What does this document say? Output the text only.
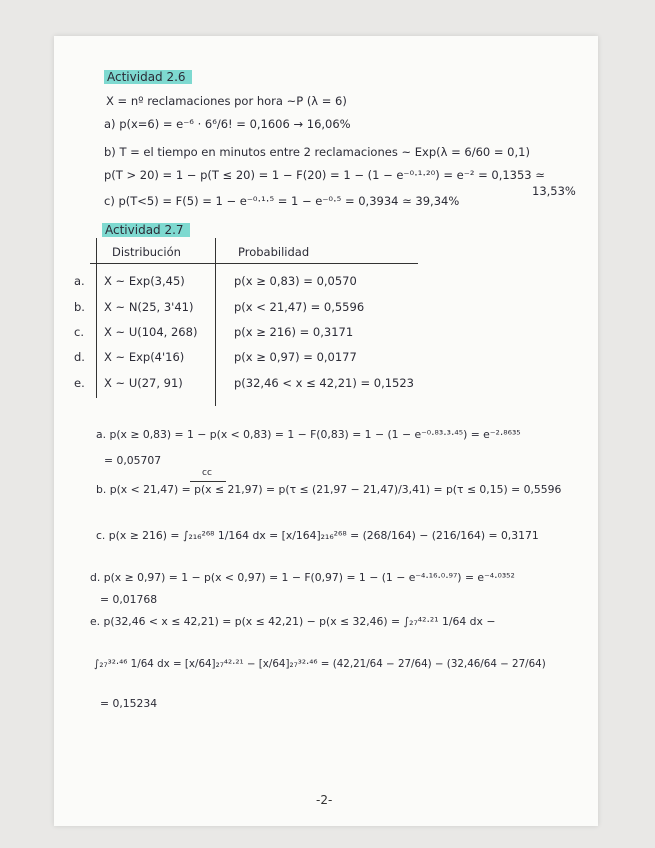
Actividad 2.6
X = nº reclamaciones por hora ~P (λ = 6)
a) p(x=6) = e⁻⁶ · 6⁶/6! = 0,1606 → 16,06%
b) T = el tiempo en minutos entre 2 reclamaciones ~ Exp(λ = 6/60 = 0,1)
p(T > 20) = 1 − p(T ≤ 20) = 1 − F(20) = 1 − (1 − e⁻⁰·¹·²⁰) = e⁻² = 0,1353 ≃
13,53%
c) p(T<5) = F(5) = 1 − e⁻⁰·¹·⁵ = 1 − e⁻⁰·⁵ = 0,3934 ≃ 39,34%
Actividad 2.7
Distribución	Probabilidad
a. X ~ Exp(3,45)	p(x ≥ 0,83) = 0,0570
b. X ~ N(25, 3'41)	p(x < 21,47) = 0,5596
c. X ~ U(104, 268)	p(x ≥ 216) = 0,3171
d. X ~ Exp(4'16)	p(x ≥ 0,97) = 0,0177
e. X ~ U(27, 91)	p(32,46 < x ≤ 42,21) = 0,1523
a. p(x ≥ 0,83) = 1 − p(x < 0,83) = 1 − F(0,83) = 1 − (1 − e⁻⁰·⁸³·³·⁴⁵) = e⁻²·⁸⁶³⁵
= 0,05707
cc
b. p(x < 21,47) = p(x ≤ 21,97) = p(τ ≤ (21,97 − 21,47)/3,41) = p(τ ≤ 0,15) = 0,5596
c. p(x ≥ 216) = ∫₂₁₆²⁶⁸ 1/164 dx = [x/164]₂₁₆²⁶⁸ = (268/164) − (216/164) = 0,3171
d. p(x ≥ 0,97) = 1 − p(x < 0,97) = 1 − F(0,97) = 1 − (1 − e⁻⁴·¹⁶·⁰·⁹⁷) = e⁻⁴·⁰³⁵²
= 0,01768
e. p(32,46 < x ≤ 42,21) = p(x ≤ 42,21) − p(x ≤ 32,46) = ∫₂₇⁴²·²¹ 1/64 dx −
∫₂₇³²·⁴⁶ 1/64 dx = [x/64]₂₇⁴²·²¹ − [x/64]₂₇³²·⁴⁶ = (42,21/64 − 27/64) − (32,46/64 − 27/64)
= 0,15234
-2-
